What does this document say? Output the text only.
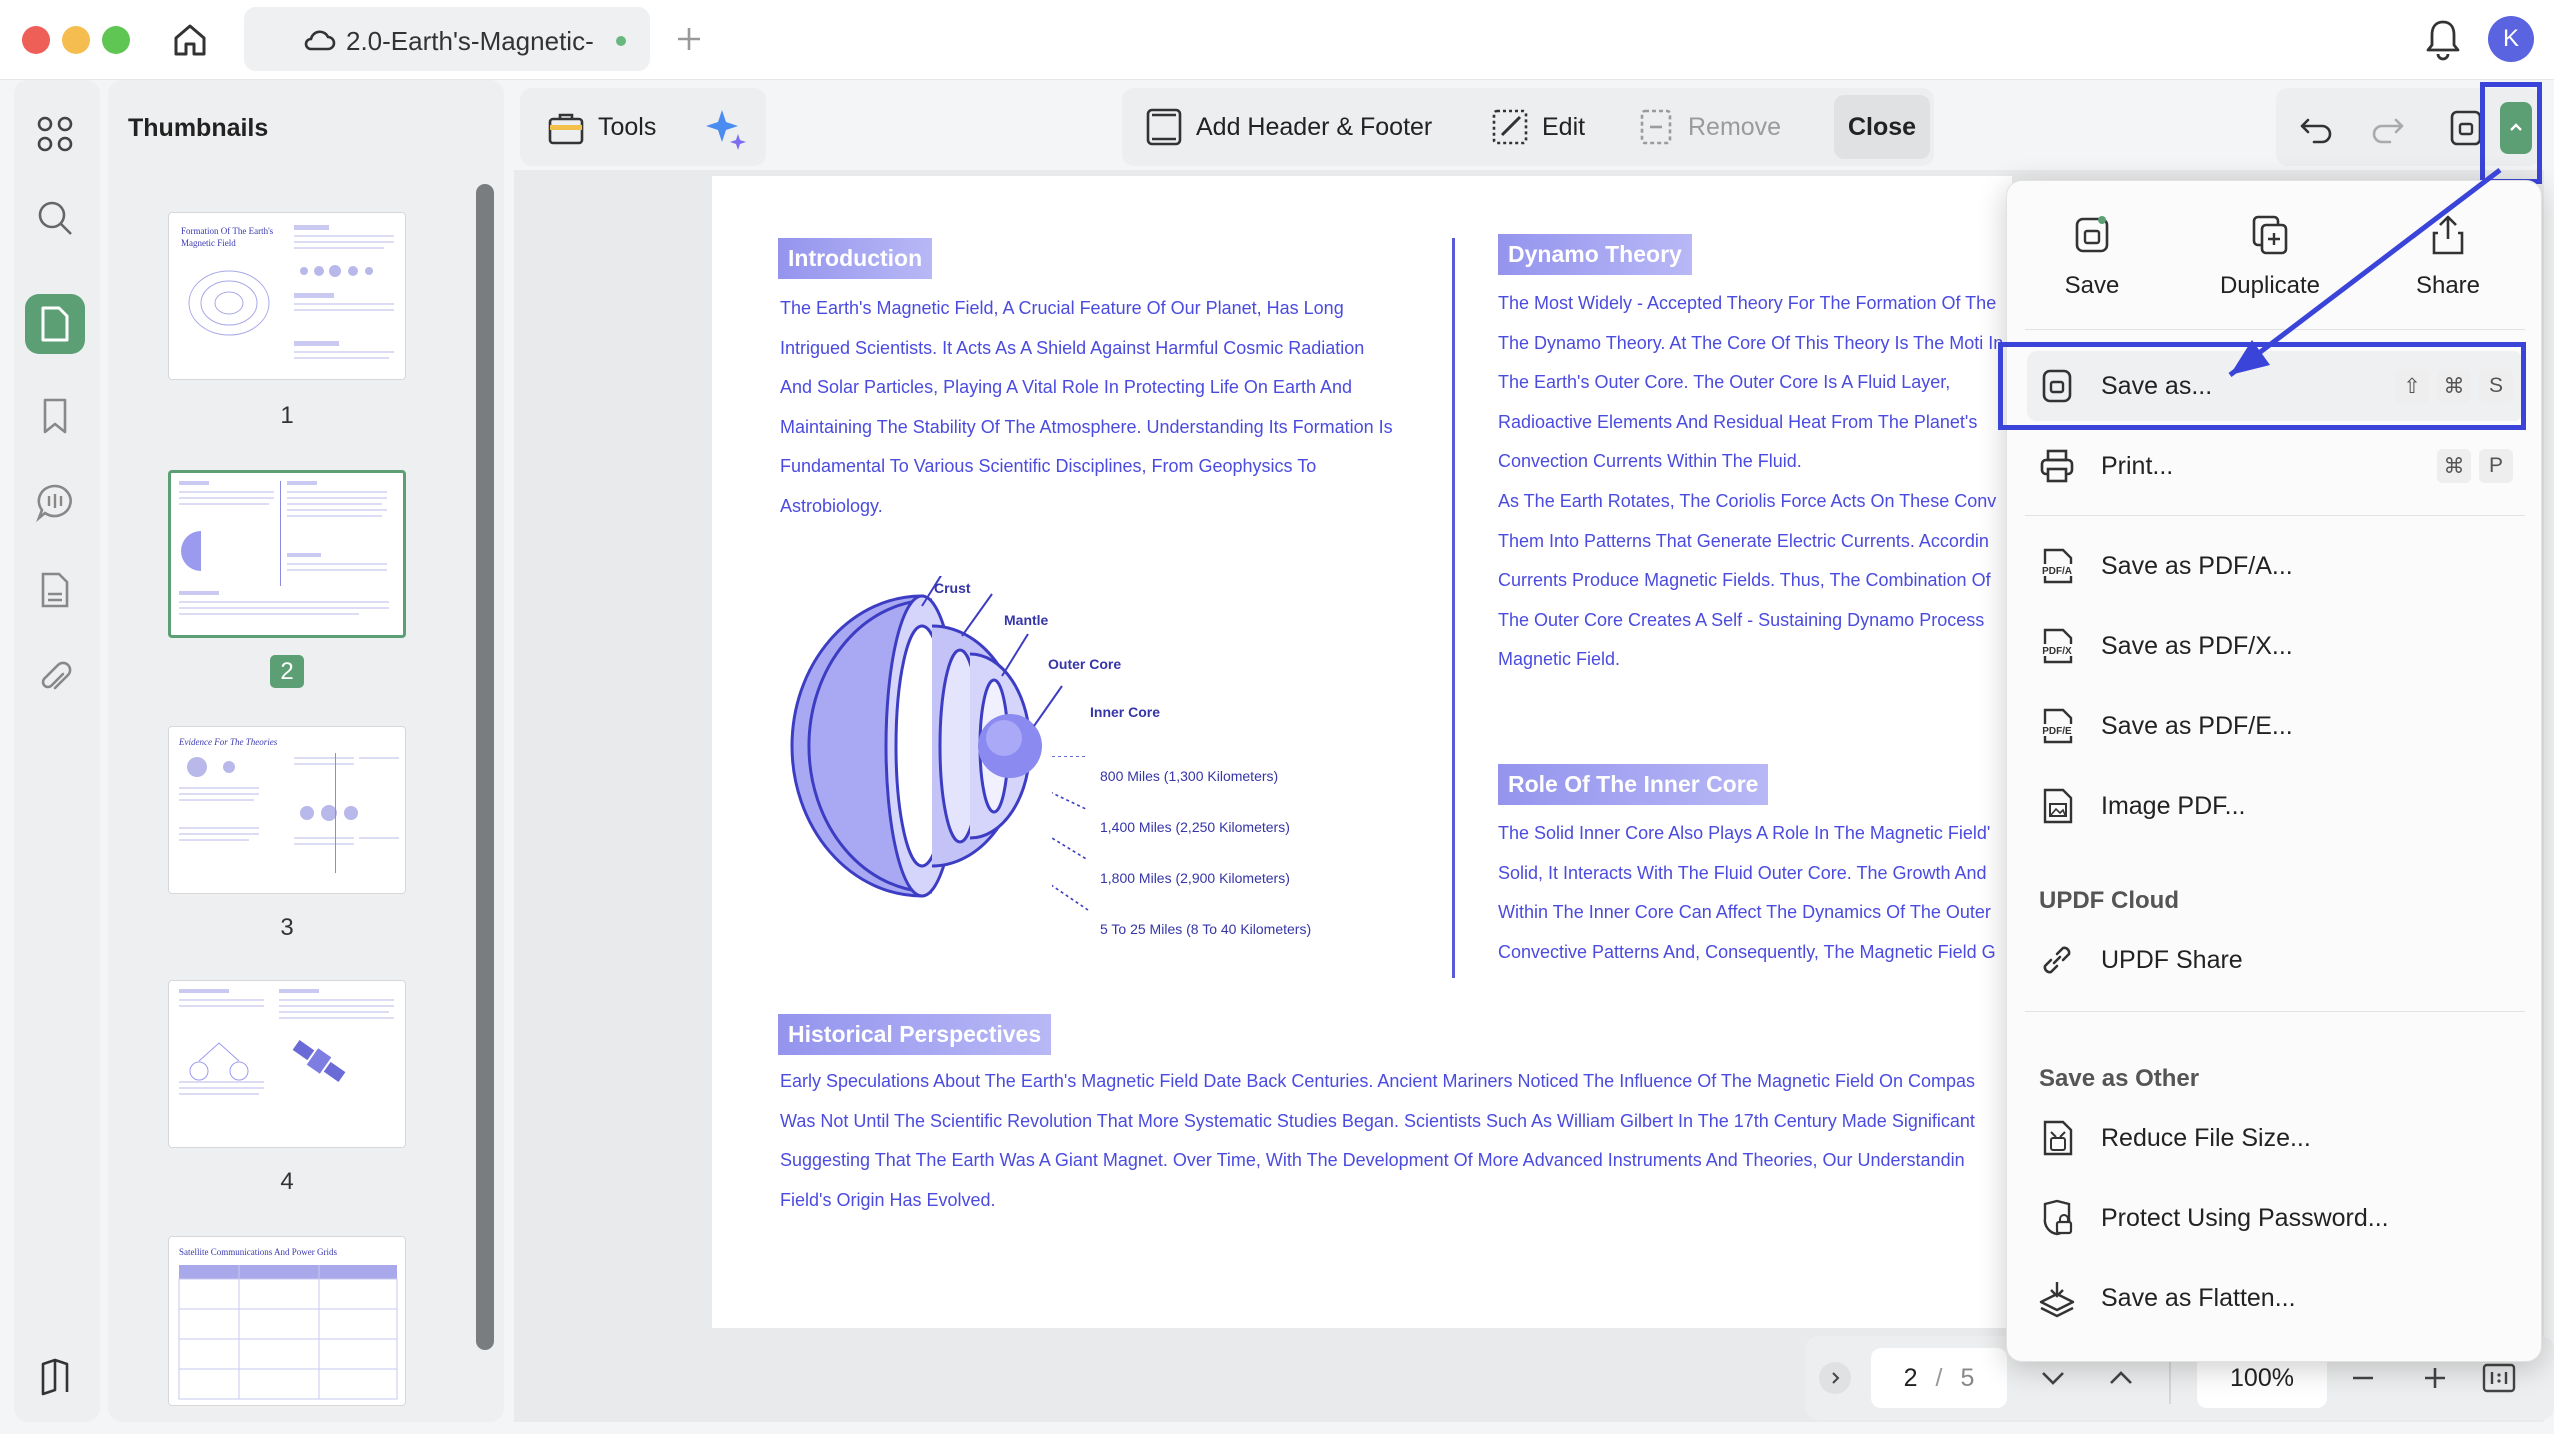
2.0-Earth's-Magnetic-	K
Thumbnails
Formation Of The Earth's Magnetic Field
1
2
Evidence For The Theories
3
4
Satellite Communications And Power Grids
Tools	Add Header & Footer	Edit	Remove	Close
Introduction
The Earth's Magnetic Field, A Crucial Feature Of Our Planet, Has Long Intrigued Scientists. It Acts As A Shield Against Harmful Cosmic Radiation And Solar Particles, Playing A Vital Role In Protecting Life On Earth And Maintaining The Stability Of The Atmosphere. Understanding Its Formation Is Fundamental To Various Scientific Disciplines, From Geophysics To Astrobiology.
Dynamo Theory
The Most Widely - Accepted Theory For The Formation Of The The Dynamo Theory. At The Core Of This Theory Is The Moti In The Earth's Outer Core. The Outer Core Is A Fluid Layer, Radioactive Elements And Residual Heat From The Planet's Convection Currents Within The Fluid.
As The Earth Rotates, The Coriolis Force Acts On These Conv Them Into Patterns That Generate Electric Currents. Accordin Currents Produce Magnetic Fields. Thus, The Combination Of The Outer Core Creates A Self - Sustaining Dynamo Process Magnetic Field.
Role Of The Inner Core
The Solid Inner Core Also Plays A Role In The Magnetic Field' Solid, It Interacts With The Fluid Outer Core. The Growth And Within The Inner Core Can Affect The Dynamics Of The Outer Convective Patterns And, Consequently, The Magnetic Field G
Historical Perspectives
Early Speculations About The Earth's Magnetic Field Date Back Centuries. Ancient Mariners Noticed The Influence Of The Magnetic Field On Compas Was Not Until The Scientific Revolution That More Systematic Studies Began. Scientists Such As William Gilbert In The 17th Century Made Significant Suggesting That The Earth Was A Giant Magnet. Over Time, With The Development Of More Advanced Instruments And Theories, Our Understandin Field's Origin Has Evolved.
Crust
Mantle
Outer Core
Inner Core
800 Miles (1,300 Kilometers)
1,400 Miles (2,250 Kilometers)
1,800 Miles (2,900 Kilometers)
5 To 25 Miles (8 To 40 Kilometers)
2 / 5	100%
Save	Duplicate	Share
Save as...	⇧	⌘	S
Print...	⌘	P
PDF/A Save as PDF/A...
PDF/X Save as PDF/X...
PDF/E Save as PDF/E...
Image PDF...
UPDF Cloud
UPDF Share
Save as Other
Reduce File Size...
Protect Using Password...
Save as Flatten...
